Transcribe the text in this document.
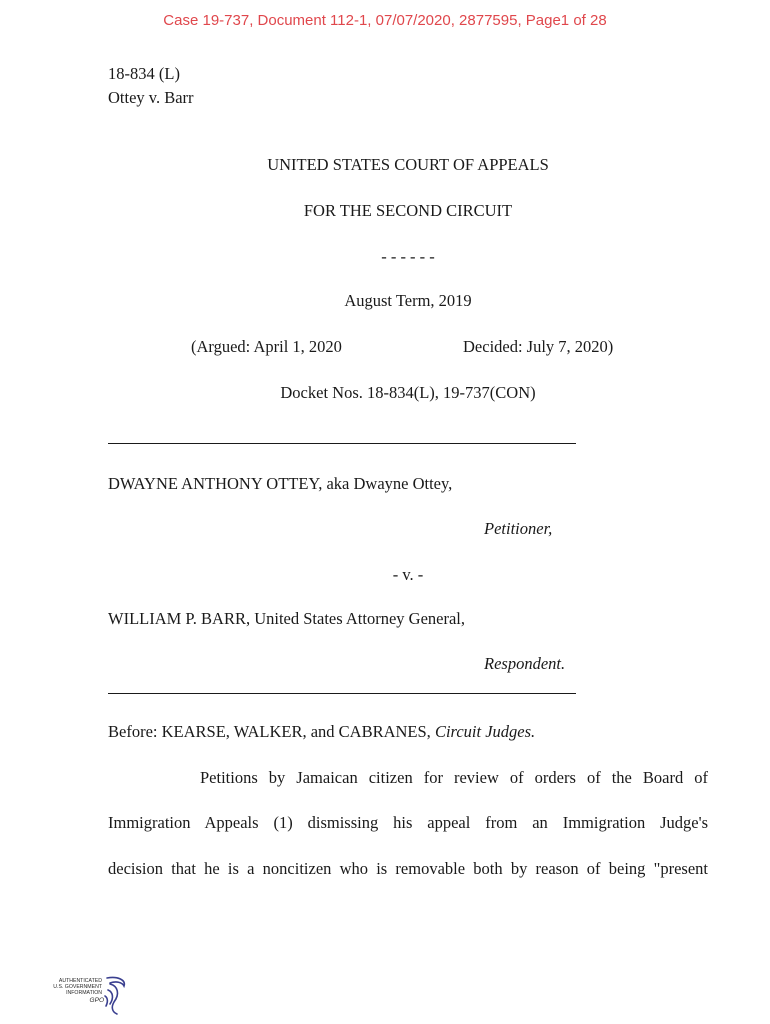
Case 19-737, Document 112-1, 07/07/2020, 2877595, Page1 of 28
18-834 (L)
Ottey v. Barr
UNITED STATES COURT OF APPEALS
FOR THE SECOND CIRCUIT
- - - - - -
August Term, 2019
(Argued: April 1, 2020	Decided: July 7, 2020)
Docket Nos. 18-834(L), 19-737(CON)
DWAYNE ANTHONY OTTEY, aka Dwayne Ottey,
Petitioner,
- v. -
WILLIAM P. BARR, United States Attorney General,
Respondent.
Before: KEARSE, WALKER, and CABRANES, Circuit Judges.
Petitions by Jamaican citizen for review of orders of the Board of
Immigration Appeals (1) dismissing his appeal from an Immigration Judge's
decision that he is a noncitizen who is removable both by reason of being "present
AUTHENTICATED
U.S. GOVERNMENT
INFORMATION
GPO
